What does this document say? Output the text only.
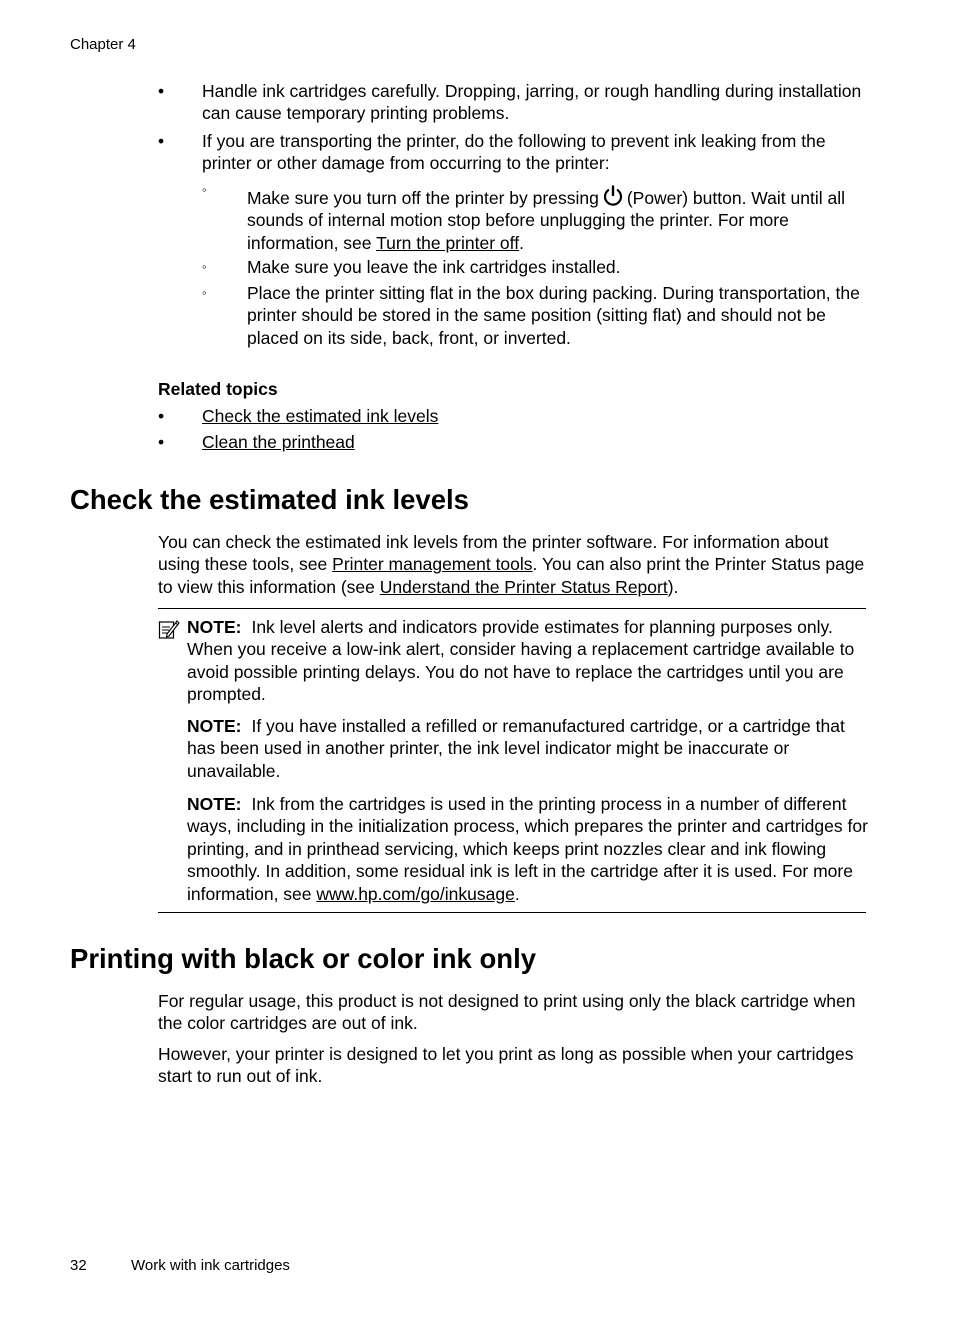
Chapter 4
• Handle ink cartridges carefully. Dropping, jarring, or rough handling during installation can cause temporary printing problems.
• If you are transporting the printer, do the following to prevent ink leaking from the printer or other damage from occurring to the printer:
◦ Make sure you turn off the printer by pressing (Power) button. Wait until all sounds of internal motion stop before unplugging the printer. For more information, see Turn the printer off.
◦ Make sure you leave the ink cartridges installed.
◦ Place the printer sitting flat in the box during packing. During transportation, the printer should be stored in the same position (sitting flat) and should not be placed on its side, back, front, or inverted.
Related topics
• Check the estimated ink levels
• Clean the printhead
Check the estimated ink levels
You can check the estimated ink levels from the printer software. For information about using these tools, see Printer management tools. You can also print the Printer Status page to view this information (see Understand the Printer Status Report).
NOTE: Ink level alerts and indicators provide estimates for planning purposes only. When you receive a low-ink alert, consider having a replacement cartridge available to avoid possible printing delays. You do not have to replace the cartridges until you are prompted.
NOTE: If you have installed a refilled or remanufactured cartridge, or a cartridge that has been used in another printer, the ink level indicator might be inaccurate or unavailable.
NOTE: Ink from the cartridges is used in the printing process in a number of different ways, including in the initialization process, which prepares the printer and cartridges for printing, and in printhead servicing, which keeps print nozzles clear and ink flowing smoothly. In addition, some residual ink is left in the cartridge after it is used. For more information, see www.hp.com/go/inkusage.
Printing with black or color ink only
For regular usage, this product is not designed to print using only the black cartridge when the color cartridges are out of ink.
However, your printer is designed to let you print as long as possible when your cartridges start to run out of ink.
32	Work with ink cartridges
